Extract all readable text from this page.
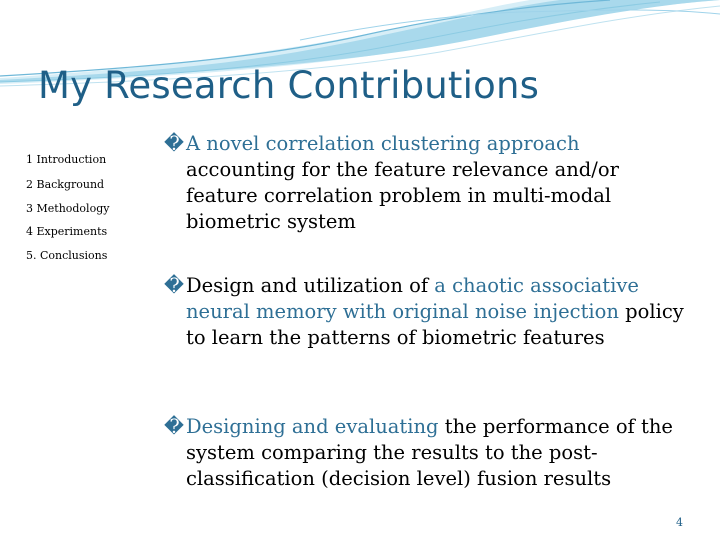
My Research Contributions
1 Introduction
2 Background
3 Methodology
4 Experiments
5. Conclusions
� A novel correlation clustering approach accounting for the feature relevance and/or feature correlation problem in multi-modal biometric system
� Design and utilization of a chaotic associative neural memory with original noise injection policy to learn the patterns of biometric features
� Designing and evaluating the performance of the system comparing the results to the post-classification (decision level) fusion results
4
